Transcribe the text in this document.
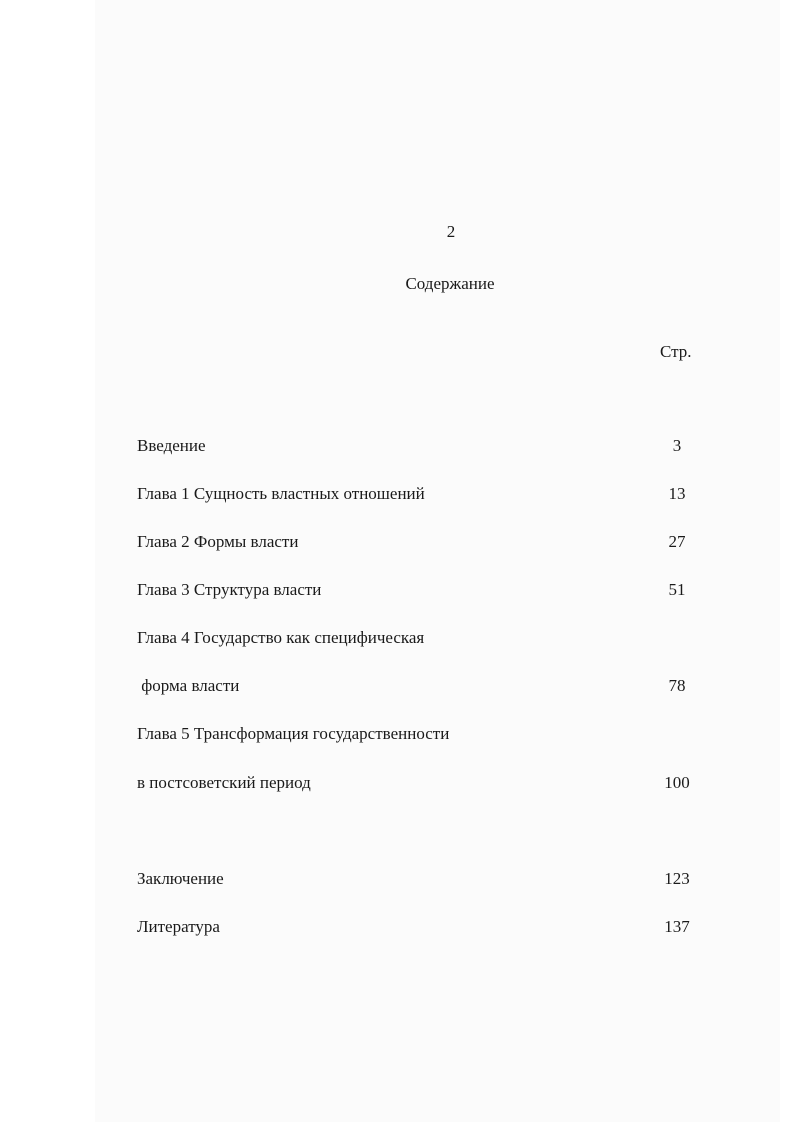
2
Содержание
Стр.
Введение	3
Глава 1 Сущность властных отношений	13
Глава 2 Формы власти	27
Глава 3 Структура власти	51
Глава 4 Государство как специфическая
форма власти	78
Глава 5 Трансформация государственности
в постсоветский период	100
Заключение	123
Литература	137
